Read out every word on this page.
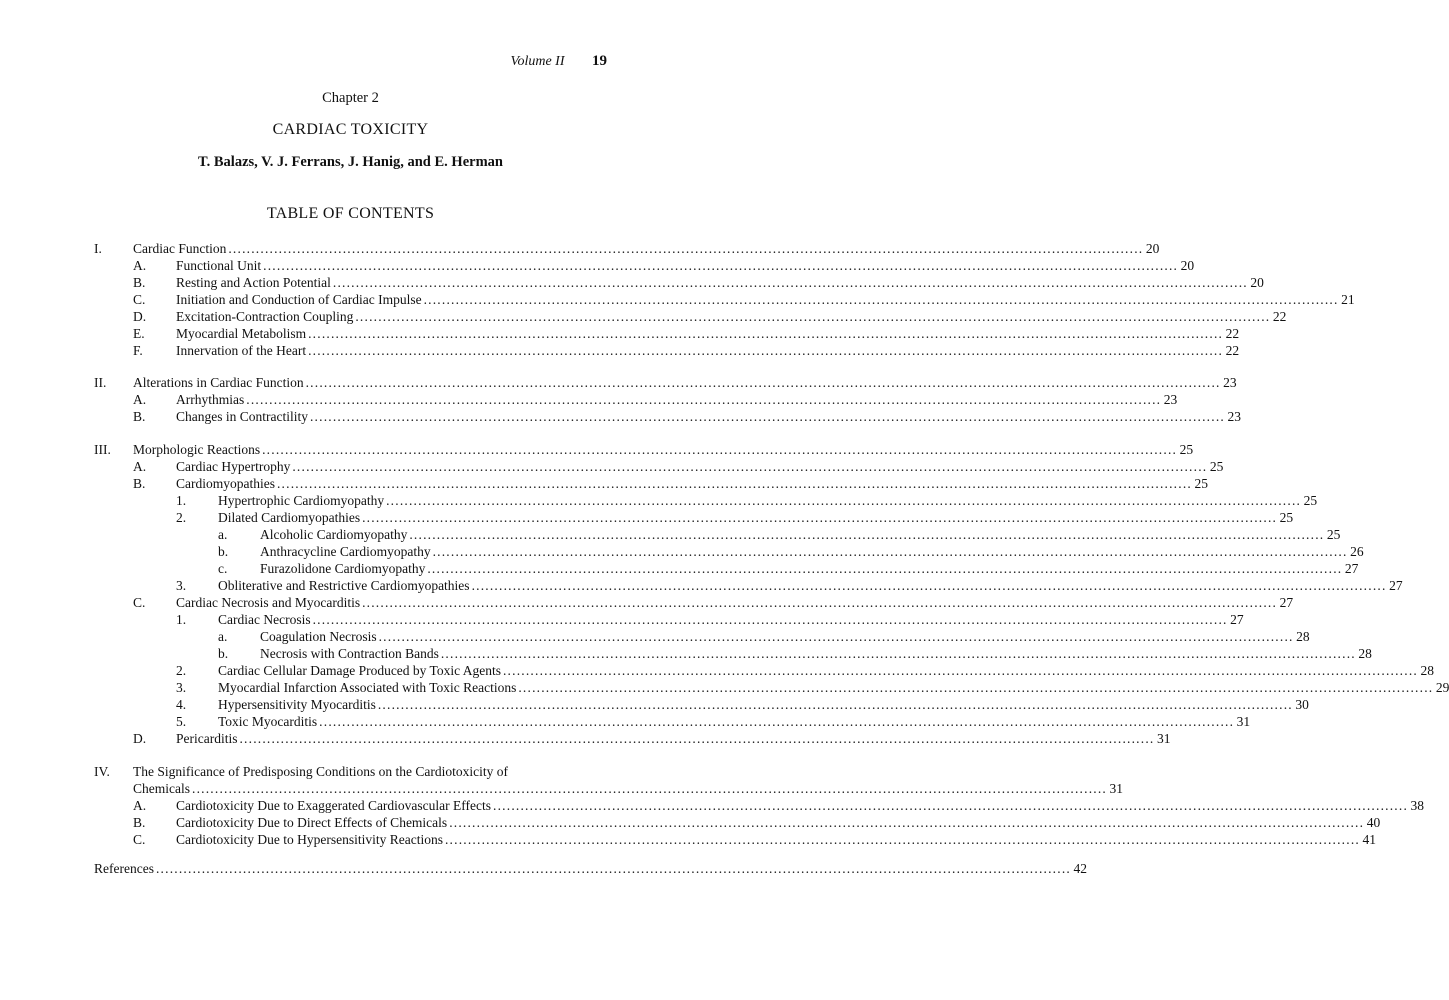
Volume II 19
Chapter 2
CARDIAC TOXICITY
T. Balazs, V. J. Ferrans, J. Hanig, and E. Herman
TABLE OF CONTENTS
I. Cardiac Function ........................................................................................................................................................................................................ 20
A. Functional Unit ........................................................................................................................................................................................................ 20
B. Resting and Action Potential ........................................................................................................................................................................................................ 20
C. Initiation and Conduction of Cardiac Impulse ........................................................................................................................................................................................................ 21
D. Excitation-Contraction Coupling ........................................................................................................................................................................................................ 22
E. Myocardial Metabolism ........................................................................................................................................................................................................ 22
F. Innervation of the Heart ........................................................................................................................................................................................................ 22
II. Alterations in Cardiac Function ........................................................................................................................................................................................................ 23
A. Arrhythmias ........................................................................................................................................................................................................ 23
B. Changes in Contractility ........................................................................................................................................................................................................ 23
III. Morphologic Reactions ........................................................................................................................................................................................................ 25
A. Cardiac Hypertrophy ........................................................................................................................................................................................................ 25
B. Cardiomyopathies ........................................................................................................................................................................................................ 25
1. Hypertrophic Cardiomyopathy ........................................................................................................................................................................................................ 25
2. Dilated Cardiomyopathies ........................................................................................................................................................................................................ 25
a. Alcoholic Cardiomyopathy ........................................................................................................................................................................................................ 25
b. Anthracycline Cardiomyopathy ........................................................................................................................................................................................................ 26
c. Furazolidone Cardiomyopathy ........................................................................................................................................................................................................ 27
3. Obliterative and Restrictive Cardiomyopathies ........................................................................................................................................................................................................ 27
C. Cardiac Necrosis and Myocarditis ........................................................................................................................................................................................................ 27
1. Cardiac Necrosis ........................................................................................................................................................................................................ 27
a. Coagulation Necrosis ........................................................................................................................................................................................................ 28
b. Necrosis with Contraction Bands ........................................................................................................................................................................................................ 28
2. Cardiac Cellular Damage Produced by Toxic Agents ........................................................................................................................................................................................................ 28
3. Myocardial Infarction Associated with Toxic Reactions ........................................................................................................................................................................................................ 29
4. Hypersensitivity Myocarditis ........................................................................................................................................................................................................ 30
5. Toxic Myocarditis ........................................................................................................................................................................................................ 31
D. Pericarditis ........................................................................................................................................................................................................ 31
IV. The Significance of Predisposing Conditions on the Cardiotoxicity of
Chemicals ........................................................................................................................................................................................................ 31
A. Cardiotoxicity Due to Exaggerated Cardiovascular Effects ........................................................................................................................................................................................................ 38
B. Cardiotoxicity Due to Direct Effects of Chemicals ........................................................................................................................................................................................................ 40
C. Cardiotoxicity Due to Hypersensitivity Reactions ........................................................................................................................................................................................................ 41
References ........................................................................................................................................................................................................ 42
